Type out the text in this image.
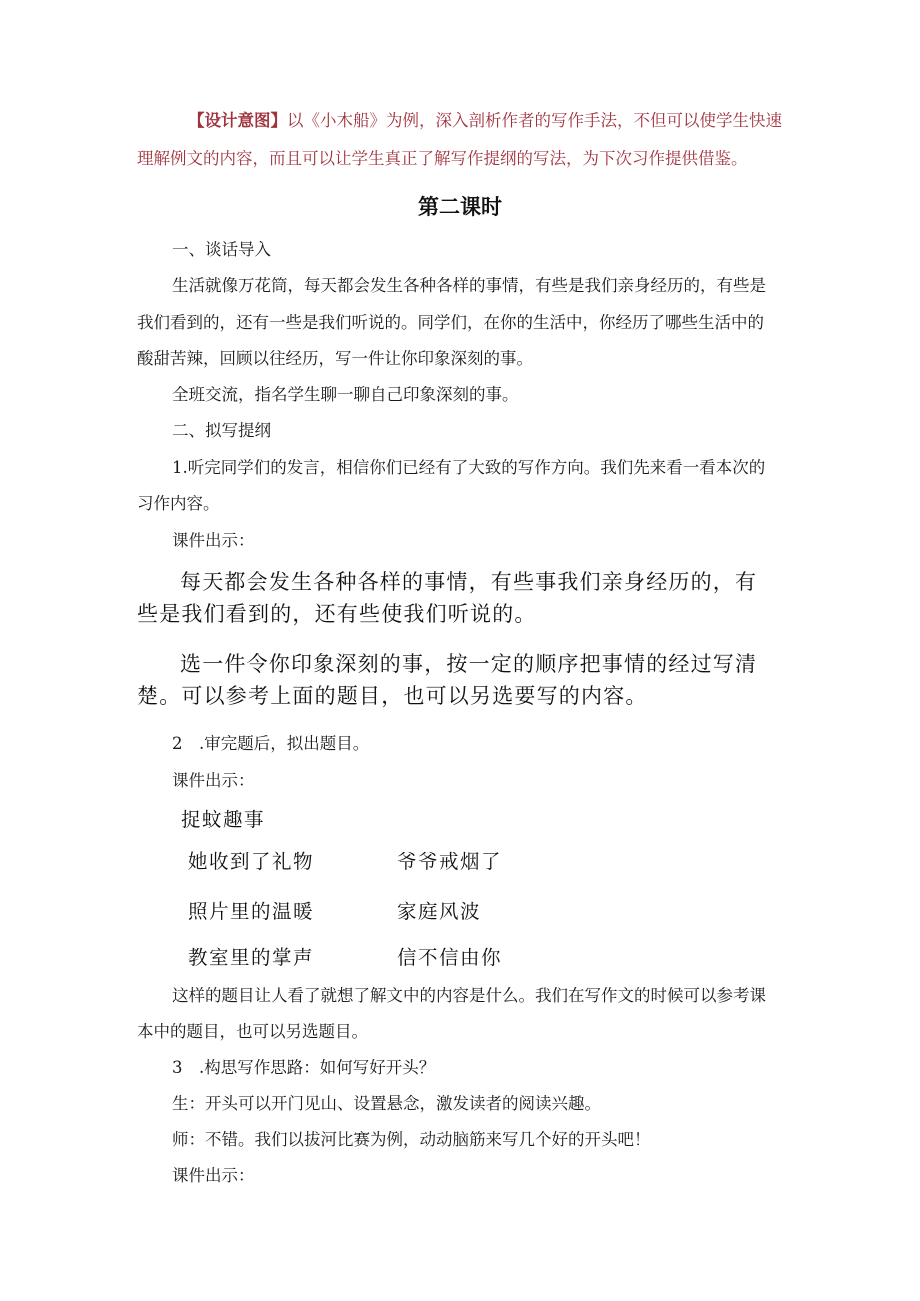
【设计意图】以《小木船》为例，深入剖析作者的写作手法，不但可以使学生快速
理解例文的内容，而且可以让学生真正了解写作提纲的写法，为下次习作提供借鉴。
第二课时
一、谈话导入
生活就像万花筒，每天都会发生各种各样的事情，有些是我们亲身经历的，有些是
我们看到的，还有一些是我们听说的。同学们，在你的生活中，你经历了哪些生活中的
酸甜苦辣，回顾以往经历，写一件让你印象深刻的事。
全班交流，指名学生聊一聊自己印象深刻的事。
二、拟写提纲
1.听完同学们的发言，相信你们已经有了大致的写作方向。我们先来看一看本次的
习作内容。
课件出示：
每天都会发生各种各样的事情，有些事我们亲身经历的，有
些是我们看到的，还有些使我们听说的。
选一件令你印象深刻的事，按一定的顺序把事情的经过写清
楚。可以参考上面的题目，也可以另选要写的内容。
2　.审完题后，拟出题目。
课件出示：
捉蚊趣事
她收到了礼物	爷爷戒烟了
照片里的温暖	家庭风波
教室里的掌声	信不信由你
这样的题目让人看了就想了解文中的内容是什么。我们在写作文的时候可以参考课
本中的题目，也可以另选题目。
3　.构思写作思路：如何写好开头？
生：开头可以开门见山、设置悬念，激发读者的阅读兴趣。
师：不错。我们以拔河比赛为例，动动脑筋来写几个好的开头吧！
课件出示：
